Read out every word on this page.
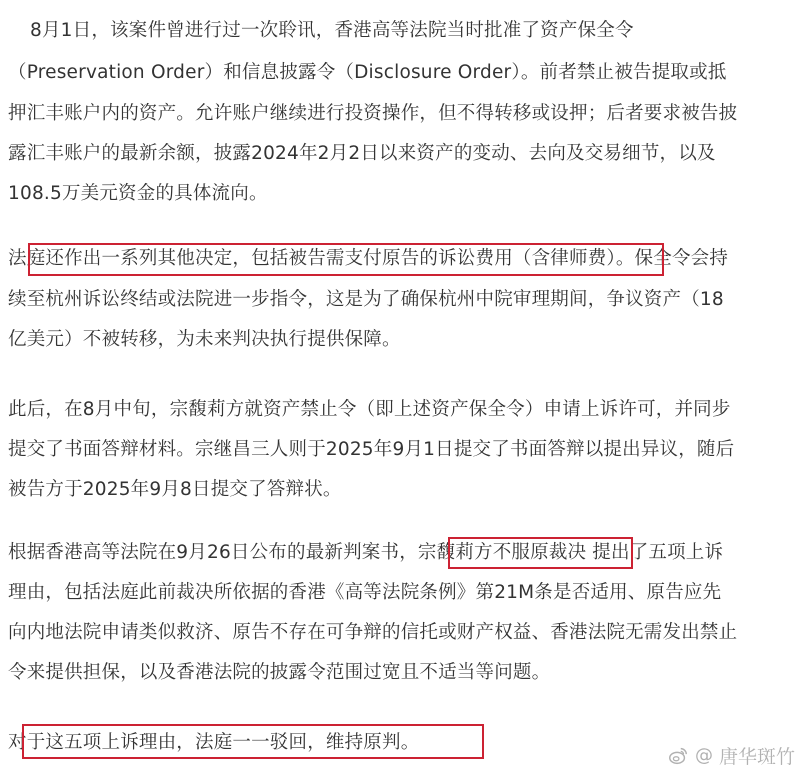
8月1日，该案件曾进行过一次聆讯，香港高等法院当时批准了资产保全令
（Preservation Order）和信息披露令（Disclosure Order）。前者禁止被告提取或抵
押汇丰账户内的资产。允许账户继续进行投资操作，但不得转移或设押；后者要求被告披
露汇丰账户的最新余额，披露2024年2月2日以来资产的变动、去向及交易细节，以及
108.5万美元资金的具体流向。
法庭还作出一系列其他决定，包括被告需支付原告的诉讼费用（含律师费）。保全令会持
续至杭州诉讼终结或法院进一步指令，这是为了确保杭州中院审理期间，争议资产（18
亿美元）不被转移，为未来判决执行提供保障。
此后，在8月中旬，宗馥莉方就资产禁止令（即上述资产保全令）申请上诉许可，并同步
提交了书面答辩材料。宗继昌三人则于2025年9月1日提交了书面答辩以提出异议，随后
被告方于2025年9月8日提交了答辩状。
根据香港高等法院在9月26日公布的最新判案书，宗馥莉方不服原裁决 提出了五项上诉
理由，包括法庭此前裁决所依据的香港《高等法院条例》第21M条是否适用、原告应先
向内地法院申请类似救济、原告不存在可争辩的信托或财产权益、香港法院无需发出禁止
令来提供担保，以及香港法院的披露令范围过宽且不适当等问题。
对于这五项上诉理由，法庭一一驳回，维持原判。
@ 唐华斑竹
